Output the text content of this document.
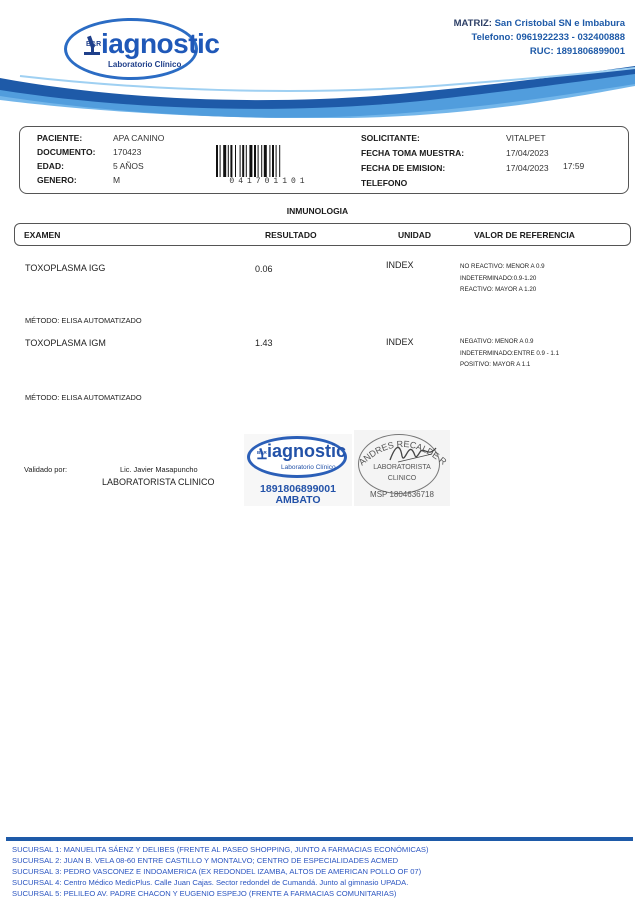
B&R iagnostic
Laboratorio Clínico
MATRIZ: San Cristobal SN e Imbabura
Telefono: 0961922233 - 032400888
RUC: 1891806899001
PACIENTE:	APA CANINO
DOCUMENTO: 170423
EDAD:	5 AÑOS
GENERO:	M	041701101
SOLICITANTE:	VITALPET
FECHA TOMA MUESTRA:	17/04/2023
FECHA DE EMISION:	17/04/2023 17:59
TELEFONO
INMUNOLOGIA
EXAMEN	RESULTADO	UNIDAD	VALOR DE REFERENCIA
TOXOPLASMA IGG	0.06	INDEX	NO REACTIVO: MENOR A 0.9
INDETERMINADO:0.9-1.20
REACTIVO: MAYOR A 1.20
MÉTODO: ELISA AUTOMATIZADO
TOXOPLASMA IGM	1.43	INDEX	NEGATIVO: MENOR A 0.9
INDETERMINADO:ENTRE 0.9 - 1.1
POSITIVO: MAYOR A 1.1
MÉTODO: ELISA AUTOMATIZADO
Validado por:	Lic. Javier Masapuncho
LABORATORISTA CLINICO
B&R iagnostic
Laboratorio Clínico
1891806899001
AMBATO
ANDRES RECALDE R
LABORATORISTA
CLINICO
MSP 1804636718
SUCURSAL 1: MANUELITA SÁENZ Y DELIBES (FRENTE AL PASEO SHOPPING, JUNTO A FARMACIAS ECONÓMICAS)
SUCURSAL 2: JUAN B. VELA 08-60 ENTRE CASTILLO Y MONTALVO; CENTRO DE ESPECIALIDADES ACMED
SUCURSAL 3: PEDRO VASCONEZ E INDOAMERICA (EX REDONDEL IZAMBA, ALTOS DE AMERICAN POLLO OF 07)
SUCURSAL 4: Centro Médico MedicPlus. Calle Juan Cajas. Sector redondel de Cumandá. Junto al gimnasio UPADA.
SUCURSAL 5: PELILEO AV. PADRE CHACON Y EUGENIO ESPEJO (FRENTE A FARMACIAS COMUNITARIAS)
